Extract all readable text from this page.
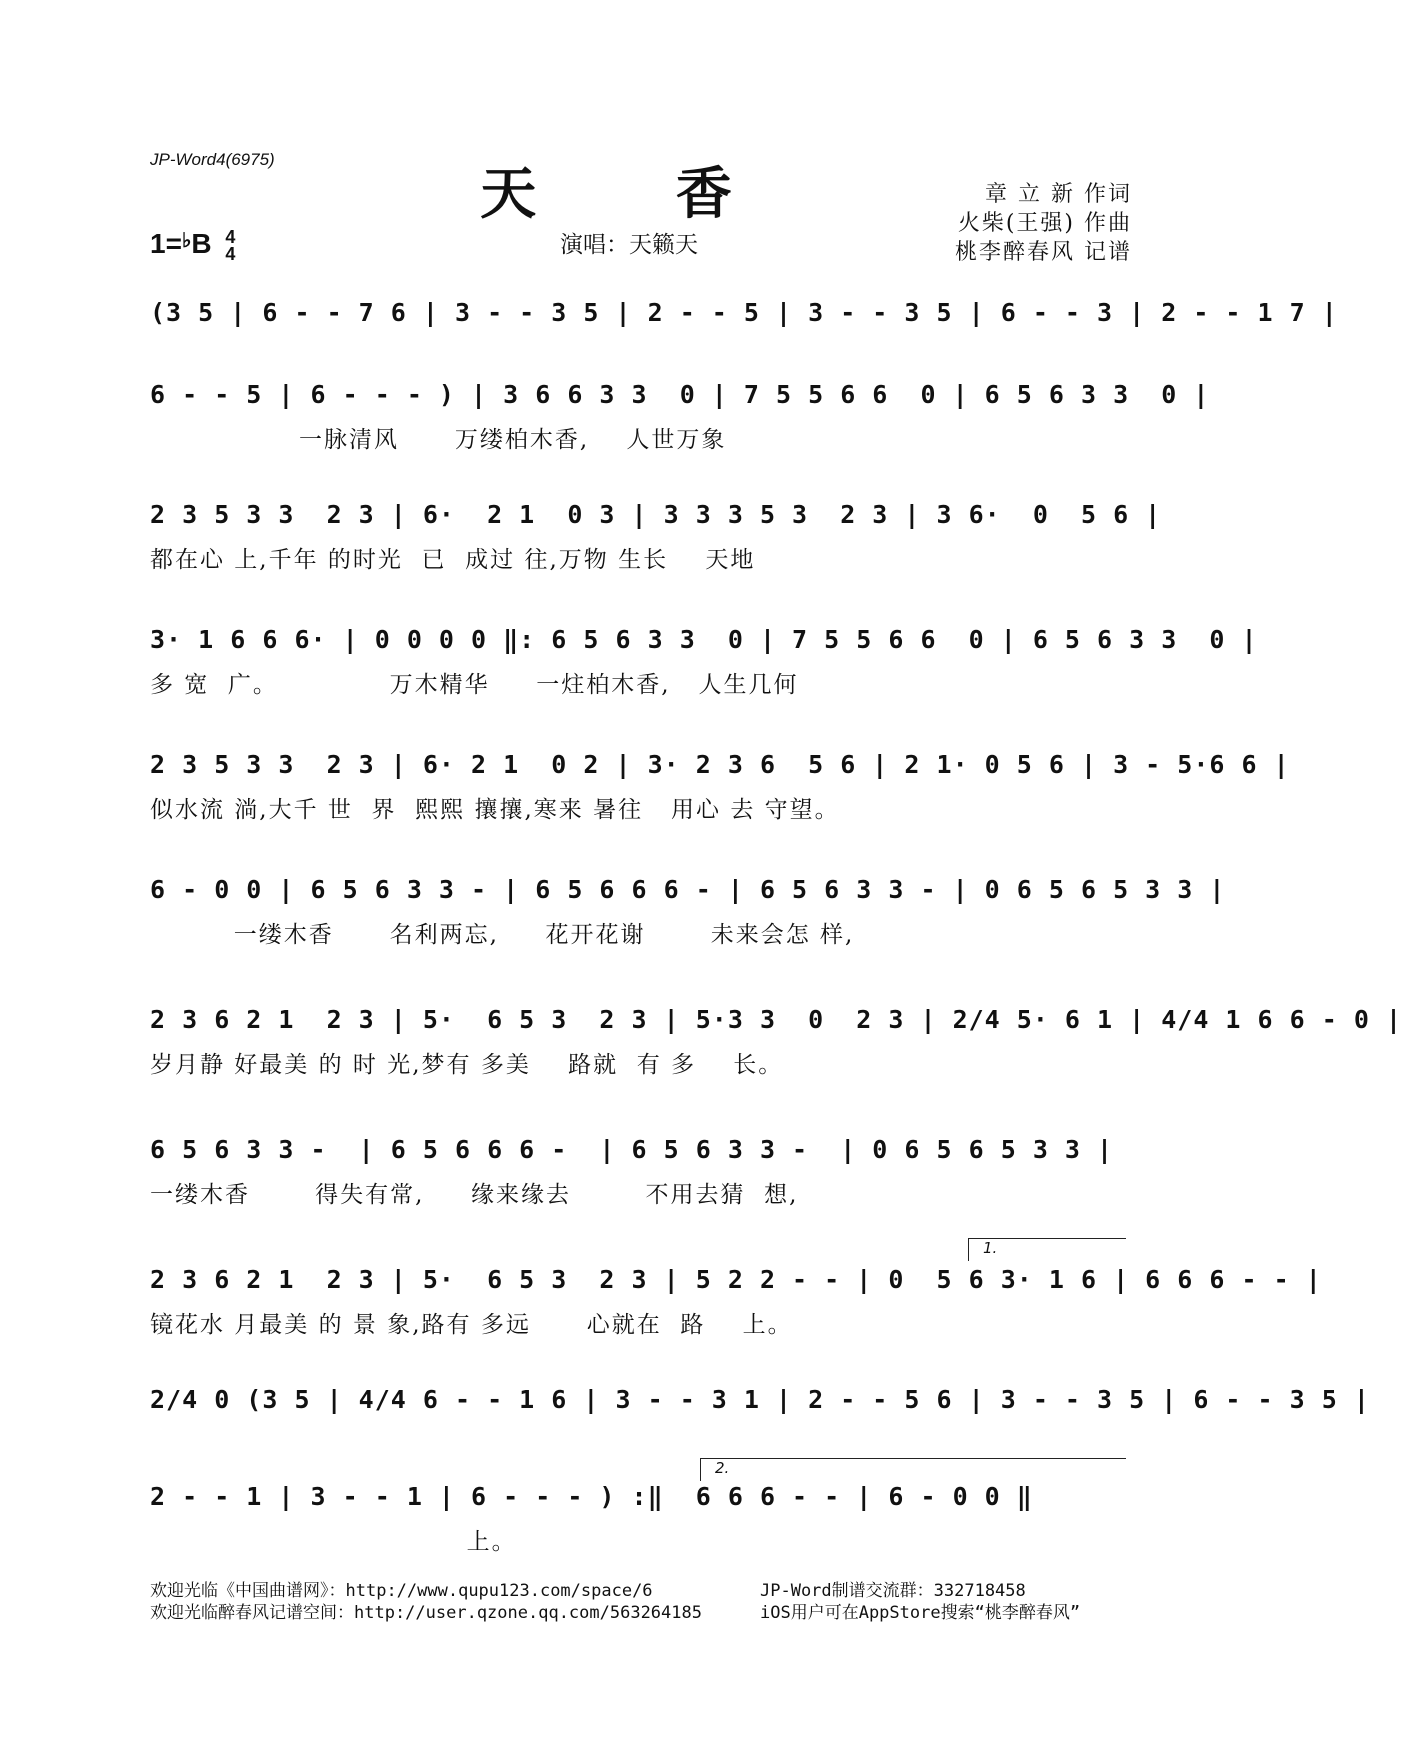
JP-Word4(6975)
天 香
演唱：天籁天
章 立 新 作词
火柴(王强) 作曲
桃李醉春风 记谱
1=♭B 4
4
(3 5 | 6 - - 7 6 | 3 - - 3 5 | 2 - - 5 | 3 - - 3 5 | 6 - - 3 | 2 - - 1 7 |
6 - - 5 | 6 - - - ) | 3 6 6 3 3  0 | 7 5 5 6 6  0 | 6 5 6 3 3  0 |
一脉清风      万缕柏木香,    人世万象
2 3 5 3 3  2 3 | 6·  2 1  0 3 | 3 3 3 5 3  2 3 | 3 6·  0  5 6 |
都在心 上,千年 的时光  已  成过 往,万物 生长    天地
3· 1 6 6 6· | 0 0 0 0 ‖: 6 5 6 3 3  0 | 7 5 5 6 6  0 | 6 5 6 3 3  0 |
多 宽  广。            万木精华     一炷柏木香,   人生几何
2 3 5 3 3  2 3 | 6· 2 1  0 2 | 3· 2 3 6  5 6 | 2 1· 0 5 6 | 3 - 5·6 6 |
似水流 淌,大千 世  界  熙熙 攘攘,寒来 暑往   用心 去 守望。
6 - 0 0 | 6 5 6 3 3 - | 6 5 6 6 6 - | 6 5 6 3 3 - | 0 6 5 6 5 3 3 |
一缕木香      名利两忘,     花开花谢       未来会怎 样,
2 3 6 2 1  2 3 | 5·  6 5 3  2 3 | 5·3 3  0  2 3 | 2/4 5· 6 1 | 4/4 1 6 6 - 0 |
岁月静 好最美 的 时 光,梦有 多美    路就  有 多    长。
6 5 6 3 3 -  | 6 5 6 6 6 -  | 6 5 6 3 3 -  | 0 6 5 6 5 3 3 |
一缕木香       得失有常,     缘来缘去        不用去猜  想,
1.
2 3 6 2 1  2 3 | 5·  6 5 3  2 3 | 5 2 2 - - | 0  5 6 3· 1 6 | 6 6 6 - - |
镜花水 月最美 的 景 象,路有 多远      心就在  路    上。
2/4 0 (3 5 | 4/4 6 - - 1 6 | 3 - - 3 1 | 2 - - 5 6 | 3 - - 3 5 | 6 - - 3 5 |
2.
2 - - 1 | 3 - - 1 | 6 - - - ) :‖  6 6 6 - - | 6 - 0 0 ‖
上。
欢迎光临《中国曲谱网》：http://www.qupu123.com/space/6
欢迎光临醉春风记谱空间：http://user.qzone.qq.com/563264185
JP-Word制谱交流群：332718458
iOS用户可在AppStore搜索“桃李醉春风”
